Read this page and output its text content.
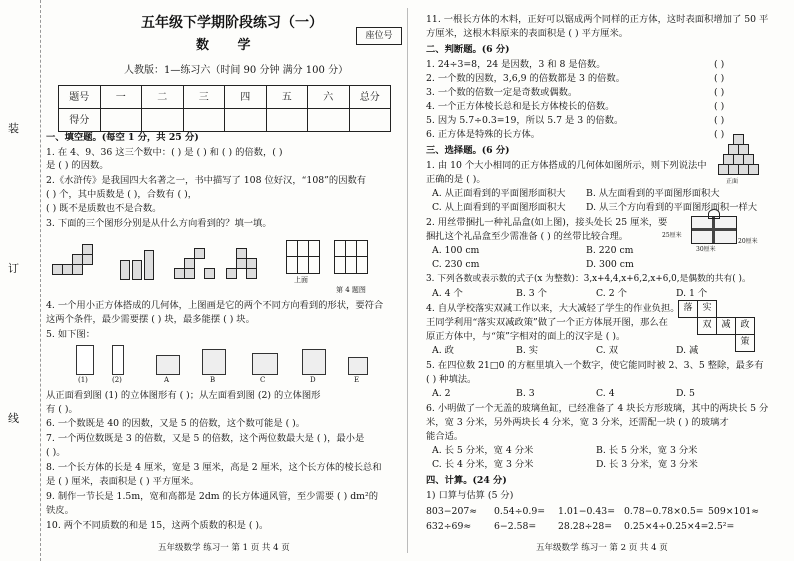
装
订
线
五年级下学期阶段练习（一）
座位号
数 学
人教版：1—练习六（时间 90 分钟 满分 100 分）
题号	一	二	三	四	五	六	总分
得分							
一、填空题。(每空 1 分，共 25 分)
1. 在 4、9、36 这三个数中：( ) 是 ( ) 和 ( ) 的倍数，( )
是 ( ) 的因数。
2.《水浒传》是我国四大名著之一，书中描写了 108 位好汉，“108”的因数有
( ) 个，其中质数是 ( )，合数有 ( )，
( ) 既不是质数也不是合数。
3. 下面的三个图形分别是从什么方向看到的？填一填。
上面
第 4 题图
4. 一个用小正方体搭成的几何体，上图画是它的两个不同方向看到的形状，要符合
这两个条件，最少需要摆 ( ) 块，最多能摆 ( ) 块。
5. 如下图：
(1)	(2)	A	B	C	D	E
从正面看到图 (1) 的立体图形有 ( )；从左面看到图 (2) 的立体图形
有 ( )。
6. 一个数既是 40 的因数，又是 5 的倍数，这个数可能是 ( )。
7. 一个两位数既是 3 的倍数，又是 5 的倍数，这个两位数最大是 ( )，最小是
( )。
8. 一个长方体的长是 4 厘米，宽是 3 厘米，高是 2 厘米，这个长方体的棱长总和
是 ( ) 厘米，表面积是 ( ) 平方厘米。
9. 制作一节长是 1.5m，宽和高都是 2dm 的长方体通风管，至少需要 ( ) dm²的
铁皮。
10. 两个不同质数的和是 15，这两个质数的积是 ( )。
五年级数学 练习一 第 1 页 共 4 页
11. 一根长方体的木料，正好可以锯成两个同样的正方体，这时表面积增加了 50 平
方厘米，这根木料原来的表面积是 ( ) 平方厘米。
二、判断题。(6 分)
1. 24÷3=8，24 是因数，3 和 8 是倍数。	( )
2. 一个数的因数，3,6,9 的倍数都是 3 的倍数。	( )
3. 一个数的倍数一定是奇数或偶数。	( )
4. 一个正方体棱长总和是长方体棱长的倍数。	( )
5. 因为 5.7÷0.3=19，所以 5.7 是 3 的倍数。	( )
6. 正方体是特殊的长方体。	( )
三、选择题。(6 分)
1. 由 10 个大小相同的正方体搭成的几何体如图所示，则下列说法中
正确的是 ( )。	正面
A. 从正面看到的平面图形面积大 B. 从左面看到的平面图形面积大
C. 从上面看到的平面图形面积大 D. 从三个方向看到的平面图形面积一样大
2. 用丝带捆扎一种礼品盒(如上图)，接头处长 25 厘米，要
捆扎这个礼品盒至少需准备 ( ) 的丝带比较合理。	25厘米
30厘米
20厘米
A. 100 cm	B. 220 cm
C. 230 cm	D. 300 cm
3. 下列各数或表示数的式子(x 为整数)：3,x+4,4,x+6,2,x+6,0,是偶数的共有( )。
A. 4 个	B. 3 个	C. 2 个	D. 1 个
4. 自从学校落实双减工作以来，大大减轻了学生的作业负担。
王同学利用“落实双减政策”做了一个正方体展开图，那么在
原正方体中，与“策”字相对的面上的汉字是 ( )。
落	实		
	双	减	政
			策
A. 政	B. 实	C. 双	D. 减
5. 在四位数 21□0 的方框里填入一个数字，使它能同时被 2、3、5 整除，最多有
( ) 种填法。
A. 2	B. 3	C. 4	D. 5
6. 小明做了一个无盖的玻璃鱼缸，已经准备了 4 块长方形玻璃，其中的两块长 5 分
米，宽 3 分米，另外两块长 4 分米，宽 3 分米，还需配一块 ( ) 的玻璃才
能合适。
A. 长 5 分米，宽 4 分米	B. 长 5 分米，宽 3 分米
C. 长 4 分米，宽 3 分米	D. 长 3 分米，宽 3 分米
四、计算。(24 分)
1) 口算与估算 (5 分)
803−207≈ 0.54÷0.9= 1.01−0.43= 0.78−0.78×0.5= 509×101≈
632÷69≈ 6−2.58= 28.28÷28= 0.25×4÷0.25×4= 2.5²=
五年级数学 练习一 第 2 页 共 4 页
